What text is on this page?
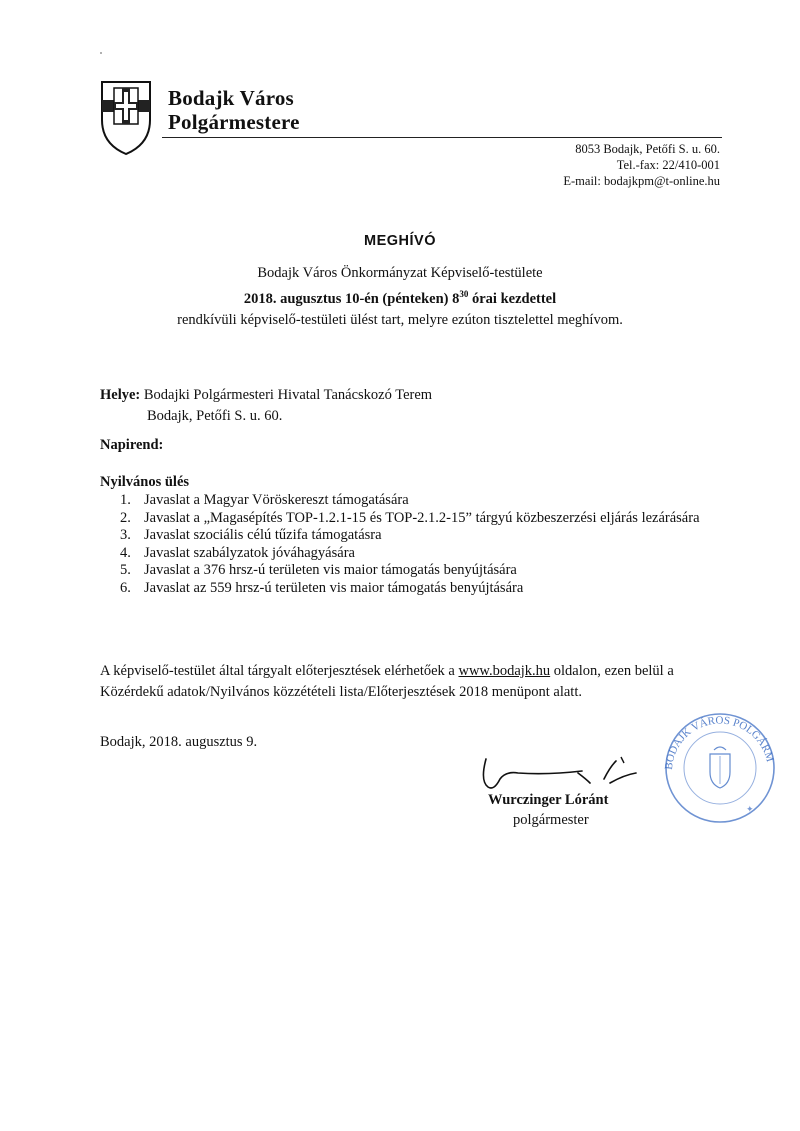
Bodajk Város
Polgármestere
8053 Bodajk, Petőfi S. u. 60.
Tel.-fax: 22/410-001
E-mail: bodajkpm@t-online.hu
MEGHÍVÓ
Bodajk Város Önkormányzat Képviselő-testülete
2018. augusztus 10-én (pénteken) $8^{30}$ órai kezdettel
rendkívüli képviselő-testületi ülést tart, melyre ezúton tisztelettel meghívom.
Helye: Bodajki Polgármesteri Hivatal Tanácskozó Terem
Bodajk, Petőfi S. u. 60.
Napirend:
Nyilvános ülés
1. Javaslat a Magyar Vöröskereszt támogatására
2. Javaslat a „Magasépítés TOP-1.2.1-15 és TOP-2.1.2-15” tárgyú közbeszerzési eljárás lezárására
3. Javaslat szociális célú tűzifa támogatásra
4. Javaslat szabályzatok jóváhagyására
5. Javaslat a 376 hrsz-ú területen vis maior támogatás benyújtására
6. Javaslat az 559 hrsz-ú területen vis maior támogatás benyújtására
A képviselő-testület által tárgyalt előterjesztések elérhetőek a www.bodajk.hu oldalon, ezen belül a Közérdekű adatok/Nyilvános közzétételi lista/Előterjesztések 2018 menüpont alatt.
Bodajk, 2018. augusztus 9.
BODAJK VÁROS POLGÁRM
✦
Wurczinger Lóránt
polgármester
